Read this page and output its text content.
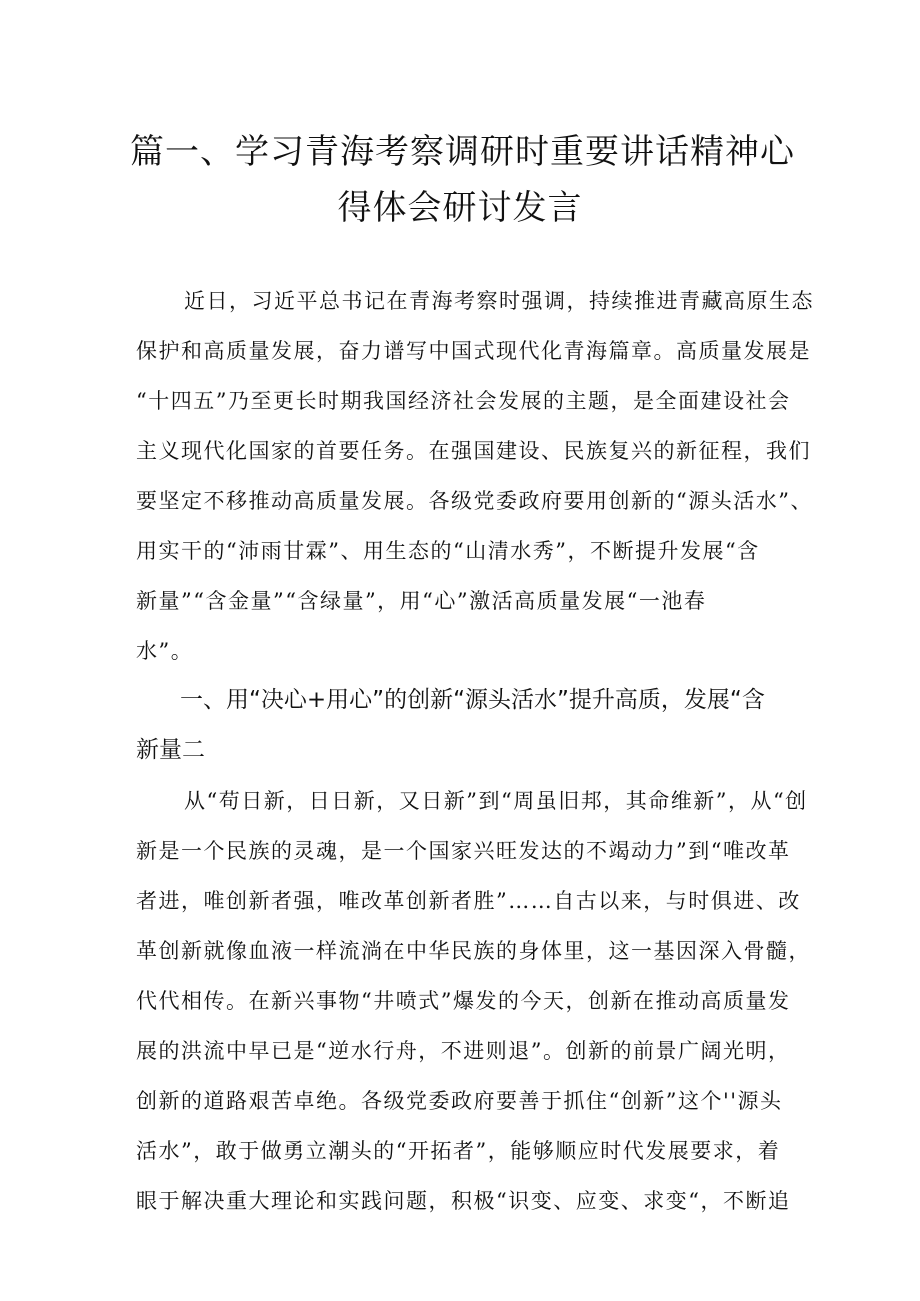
篇一、学习青海考察调研时重要讲话精神心
得体会研讨发言
近日，习近平总书记在青海考察时强调，持续推进青藏高原生态
保护和高质量发展，奋力谱写中国式现代化青海篇章。高质量发展是
“十四五”乃至更长时期我国经济社会发展的主题，是全面建设社会
主义现代化国家的首要任务。在强国建设、民族复兴的新征程，我们
要坚定不移推动高质量发展。各级党委政府要用创新的“源头活水”、
用实干的“沛雨甘霖”、用生态的“山清水秀”，不断提升发展“含
新量”“含金量”“含绿量”，用“心”激活高质量发展“一池春
水”。
一、用“决心+用心”的创新“源头活水”提升高质，发展“含
新量二
从“苟日新，日日新，又日新”到“周虽旧邦，其命维新”，从“创
新是一个民族的灵魂，是一个国家兴旺发达的不竭动力”到“唯改革
者进，唯创新者强，唯改革创新者胜”……自古以来，与时俱进、改
革创新就像血液一样流淌在中华民族的身体里，这一基因深入骨髓，
代代相传。在新兴事物“井喷式”爆发的今天，创新在推动高质量发
展的洪流中早已是“逆水行舟，不进则退”。创新的前景广阔光明，
创新的道路艰苦卓绝。各级党委政府要善于抓住“创新”这个''源头
活水”，敢于做勇立潮头的“开拓者”，能够顺应时代发展要求，着
眼于解决重大理论和实践问题，积极“识变、应变、求变“，不断追
